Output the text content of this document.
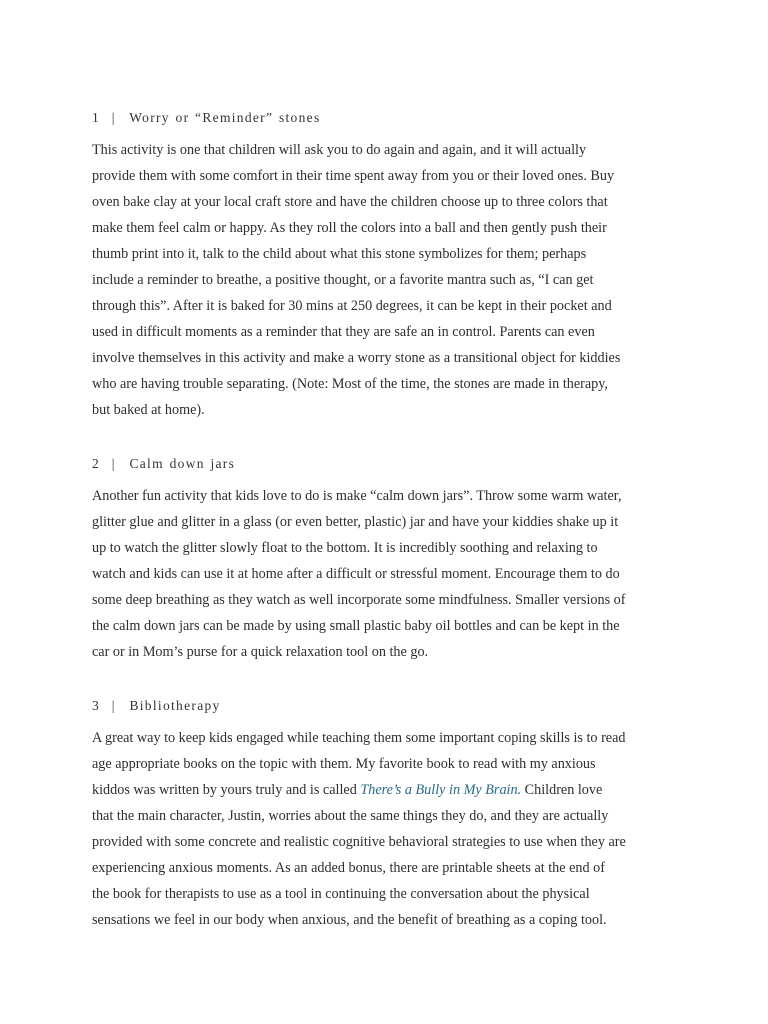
1 | Worry or “Reminder” stones

This activity is one that children will ask you to do again and again, and it will actually
provide them with some comfort in their time spent away from you or their loved ones. Buy
oven bake clay at your local craft store and have the children choose up to three colors that
make them feel calm or happy. As they roll the colors into a ball and then gently push their
thumb print into it, talk to the child about what this stone symbolizes for them; perhaps
include a reminder to breathe, a positive thought, or a favorite mantra such as, “I can get
through this”. After it is baked for 30 mins at 250 degrees, it can be kept in their pocket and
used in difficult moments as a reminder that they are safe an in control. Parents can even
involve themselves in this activity and make a worry stone as a transitional object for kiddies
who are having trouble separating. (Note: Most of the time, the stones are made in therapy,
but baked at home).

2 | Calm down jars

Another fun activity that kids love to do is make “calm down jars”. Throw some warm water,
glitter glue and glitter in a glass (or even better, plastic) jar and have your kiddies shake up it
up to watch the glitter slowly float to the bottom. It is incredibly soothing and relaxing to
watch and kids can use it at home after a difficult or stressful moment. Encourage them to do
some deep breathing as they watch as well incorporate some mindfulness. Smaller versions of
the calm down jars can be made by using small plastic baby oil bottles and can be kept in the
car or in Mom’s purse for a quick relaxation tool on the go.

3 | Bibliotherapy

A great way to keep kids engaged while teaching them some important coping skills is to read
age appropriate books on the topic with them. My favorite book to read with my anxious
kiddos was written by yours truly and is called There’s a Bully in My Brain. Children love
that the main character, Justin, worries about the same things they do, and they are actually
provided with some concrete and realistic cognitive behavioral strategies to use when they are
experiencing anxious moments. As an added bonus, there are printable sheets at the end of
the book for therapists to use as a tool in continuing the conversation about the physical
sensations we feel in our body when anxious, and the benefit of breathing as a coping tool.
